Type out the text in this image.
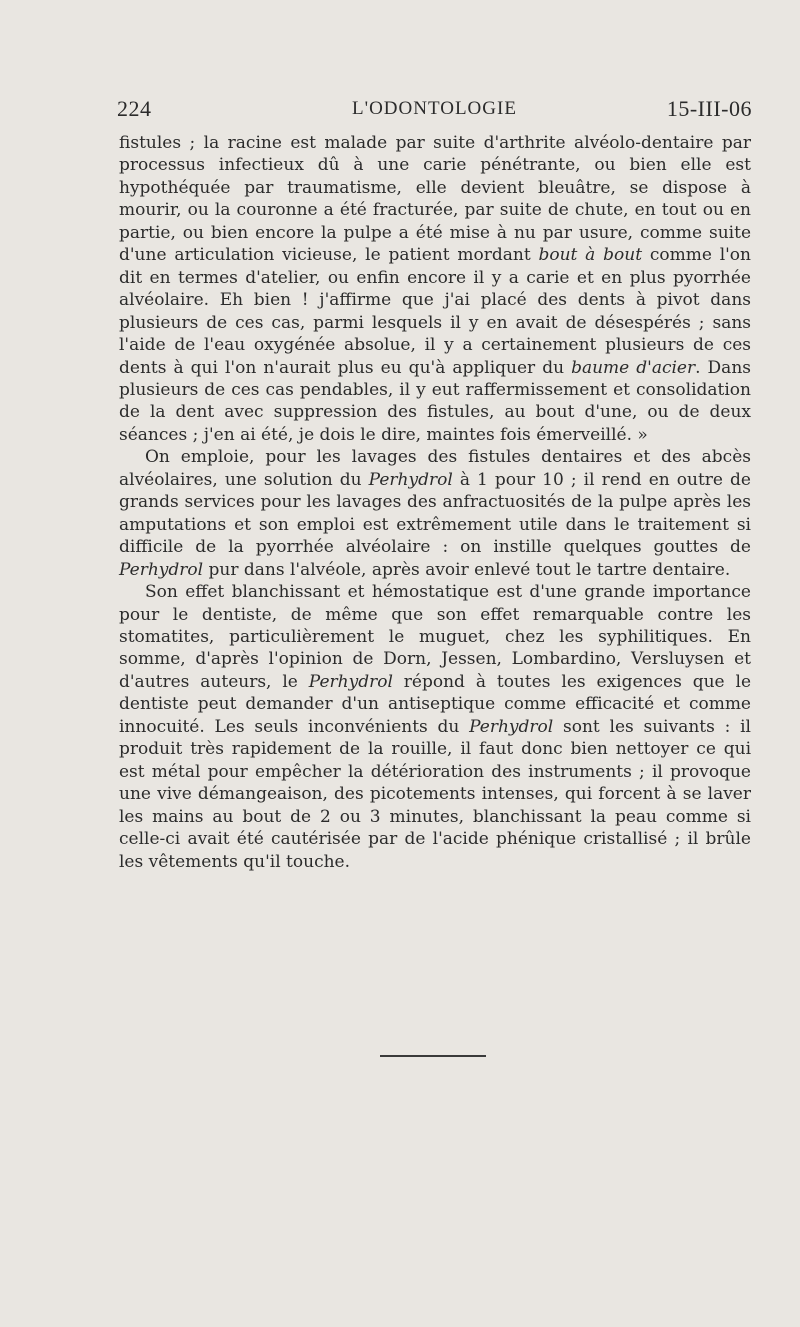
224	L'ODONTOLOGIE	15-III-06

fistules ; la racine est malade par suite d'arthrite alvéolo-dentaire par processus infectieux dû à une carie pénétrante, ou bien elle est hypothéquée par traumatisme, elle devient bleuâtre, se dispose à mourir, ou la couronne a été fracturée, par suite de chute, en tout ou en partie, ou bien encore la pulpe a été mise à nu par usure, comme suite d'une articulation vicieuse, le patient mordant bout à bout comme l'on dit en termes d'atelier, ou enfin encore il y a carie et en plus pyorrhée alvéolaire. Eh bien ! j'affirme que j'ai placé des dents à pivot dans plusieurs de ces cas, parmi lesquels il y en avait de désespérés ; sans l'aide de l'eau oxygénée absolue, il y a certainement plusieurs de ces dents à qui l'on n'aurait plus eu qu'à appliquer du baume d'acier. Dans plusieurs de ces cas pendables, il y eut raffermissement et consolidation de la dent avec suppression des fistules, au bout d'une, ou de deux séances ; j'en ai été, je dois le dire, maintes fois émerveillé. »

On emploie, pour les lavages des fistules dentaires et des abcès alvéolaires, une solution du Perhydrol à 1 pour 10 ; il rend en outre de grands services pour les lavages des anfractuosités de la pulpe après les amputations et son emploi est extrêmement utile dans le traitement si difficile de la pyorrhée alvéolaire : on instille quelques gouttes de Perhydrol pur dans l'alvéole, après avoir enlevé tout le tartre dentaire.

Son effet blanchissant et hémostatique est d'une grande importance pour le dentiste, de même que son effet remarquable contre les stomatites, particulièrement le muguet, chez les syphilitiques. En somme, d'après l'opinion de Dorn, Jessen, Lombardino, Versluysen et d'autres auteurs, le Perhydrol répond à toutes les exigences que le dentiste peut demander d'un antiseptique comme efficacité et comme innocuité. Les seuls inconvénients du Perhydrol sont les suivants : il produit très rapidement de la rouille, il faut donc bien nettoyer ce qui est métal pour empêcher la détérioration des instruments ; il provoque une vive démangeaison, des picotements intenses, qui forcent à se laver les mains au bout de 2 ou 3 minutes, blanchissant la peau comme si celle-ci avait été cautérisée par de l'acide phénique cristallisé ; il brûle les vêtements qu'il touche.
